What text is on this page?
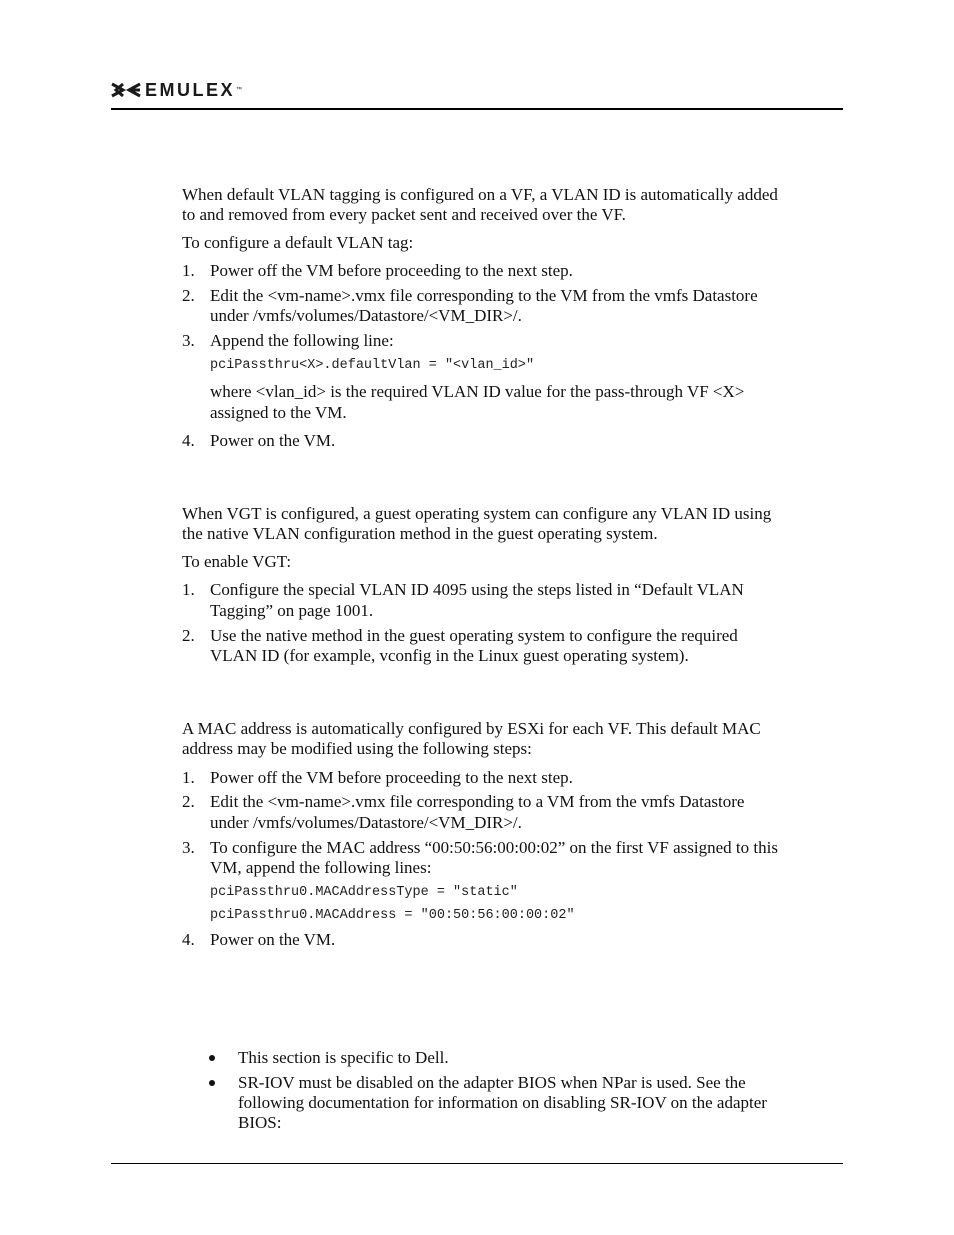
EMULEX ™
When default VLAN tagging is configured on a VF, a VLAN ID is automatically added
to and removed from every packet sent and received over the VF.
To configure a default VLAN tag:
1. Power off the VM before proceeding to the next step.
2. Edit the <vm-name>.vmx file corresponding to the VM from the vmfs Datastore
under /vmfs/volumes/Datastore/<VM_DIR>/.
3. Append the following line:
pciPassthru<X>.defaultVlan = "<vlan_id>"
where <vlan_id> is the required VLAN ID value for the pass-through VF <X>
assigned to the VM.
4. Power on the VM.
When VGT is configured, a guest operating system can configure any VLAN ID using
the native VLAN configuration method in the guest operating system.
To enable VGT:
1. Configure the special VLAN ID 4095 using the steps listed in “Default VLAN
Tagging” on page 1001.
2. Use the native method in the guest operating system to configure the required
VLAN ID (for example, vconfig in the Linux guest operating system).
A MAC address is automatically configured by ESXi for each VF. This default MAC
address may be modified using the following steps:
1. Power off the VM before proceeding to the next step.
2. Edit the <vm-name>.vmx file corresponding to a VM from the vmfs Datastore
under /vmfs/volumes/Datastore/<VM_DIR>/.
3. To configure the MAC address “00:50:56:00:00:02” on the first VF assigned to this
VM, append the following lines:
pciPassthru0.MACAddressType = "static"
pciPassthru0.MACAddress = "00:50:56:00:00:02"
4. Power on the VM.
This section is specific to Dell.
SR-IOV must be disabled on the adapter BIOS when NPar is used. See the
following documentation for information on disabling SR-IOV on the adapter
BIOS:
